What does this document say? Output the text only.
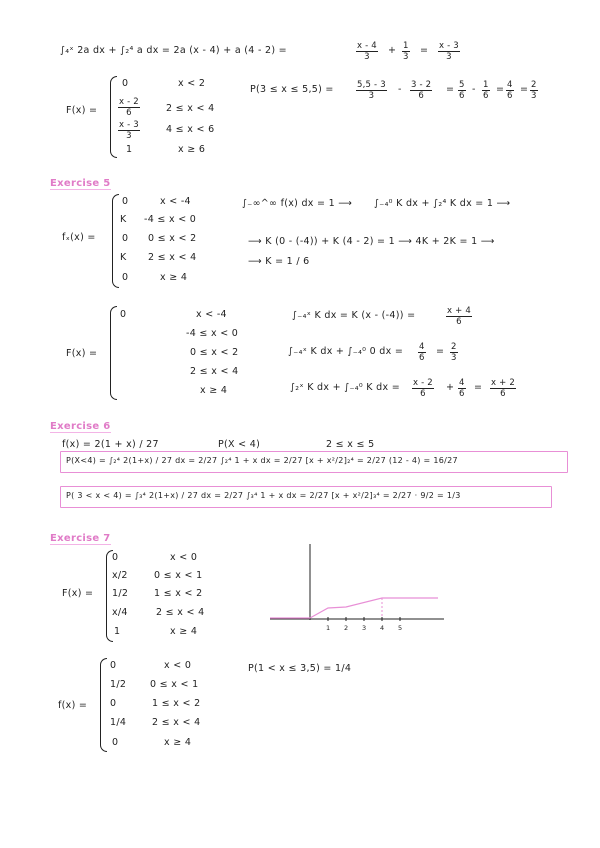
∫₄ˣ 2a dx + ∫₂⁴ a dx = 2a (x - 4) + a (4 - 2) =	$\frac{x - 4}{3} + \frac{1}{3} = \frac{x - 3}{3}$
F(x) =
0	x < 2
$\frac{x - 2}{6}$	2 ≤ x < 4
$\frac{x - 3}{3}$	4 ≤ x < 6
1	x ≥ 6
P(3 ≤ x ≤ 5,5) =	$\frac{5,5 - 3}{3} - \frac{3 - 2}{6} = \frac{5}{6} - \frac{1}{6} = \frac{4}{6} = \frac{2}{3}$
Exercise 5
fₓ(x) =
0	x < -4
K -4 ≤ x < 0
0 0 ≤ x < 2
K 2 ≤ x < 4
0	x ≥ 4
∫₋∞^∞ f(x) dx = 1 ⟶ ∫₋₄⁰ K dx + ∫₂⁴ K dx = 1 ⟶
⟶ K (0 - (-4)) + K (4 - 2) = 1 ⟶ 4K + 2K = 1 ⟶
⟶ K = 1 / 6
F(x) =
0	x < -4
-4 ≤ x < 0
0 ≤ x < 2
2 ≤ x < 4
x ≥ 4
∫₋₄ˣ K dx = K (x - (-4)) =	$\frac{x + 4}{6}$
∫₋₄ˣ K dx + ∫₋₄⁰ 0 dx = $\frac{4}{6} = \frac{2}{3}$
∫₂ˣ K dx + ∫₋₄⁰ K dx = $\frac{x - 2}{6} + \frac{4}{6} = \frac{x + 2}{6}$
Exercise 6
f(x) = 2(1 + x) / 27	P(X < 4)	2 ≤ x ≤ 5
P(X<4) = ∫₂⁴ 2(1+x) / 27 dx = 2/27 ∫₂⁴ 1 + x dx = 2/27 [x + x²/2]₂⁴ = 2/27 (12 - 4) = 16/27
P( 3 < x < 4) = ∫₃⁴ 2(1+x) / 27 dx = 2/27 ∫₃⁴ 1 + x dx = 2/27 [x + x²/2]₃⁴ = 2/27 · 9/2 = 1/3
Exercise 7
F(x) =
0	x < 0
x/2	0 ≤ x < 1
1/2	1 ≤ x < 2
x/4	2 ≤ x < 4
1	x ≥ 4	1 2 3 4 5
f(x) =
0	x < 0
1/2	0 ≤ x < 1
0	1 ≤ x < 2
1/4	2 ≤ x < 4
0	x ≥ 4
P(1 < x ≤ 3,5) = 1/4
